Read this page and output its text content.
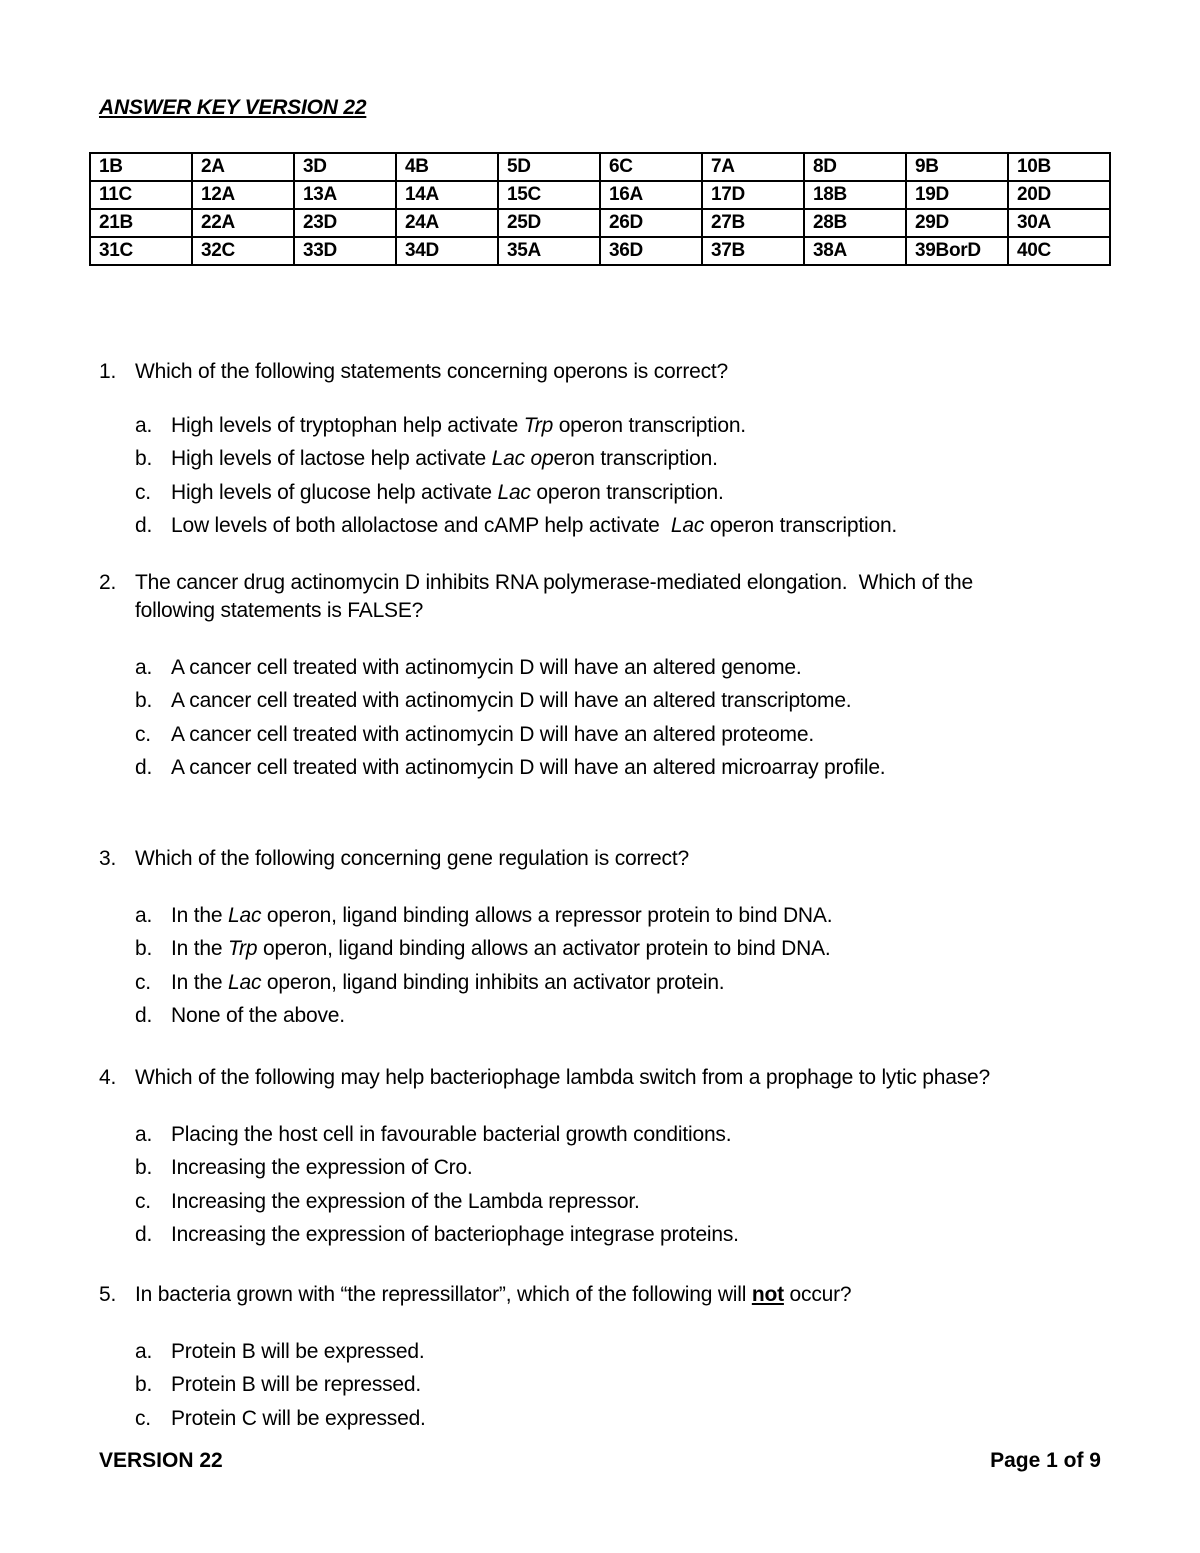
ANSWER KEY VERSION 22
1B	2A	3D	4B	5D	6C	7A	8D	9B	10B
11C	12A	13A	14A	15C	16A	17D	18B	19D	20D
21B	22A	23D	24A	25D	26D	27B	28B	29D	30A
31C	32C	33D	34D	35A	36D	37B	38A	39BorD	40C
1. Which of the following statements concerning operons is correct?
a. High levels of tryptophan help activate Trp operon transcription.
b. High levels of lactose help activate Lac operon transcription.
c. High levels of glucose help activate Lac operon transcription.
d. Low levels of both allolactose and cAMP help activate  Lac operon transcription.
2. The cancer drug actinomycin D inhibits RNA polymerase-mediated elongation.  Which of the following statements is FALSE?
a. A cancer cell treated with actinomycin D will have an altered genome.
b. A cancer cell treated with actinomycin D will have an altered transcriptome.
c. A cancer cell treated with actinomycin D will have an altered proteome.
d. A cancer cell treated with actinomycin D will have an altered microarray profile.
3. Which of the following concerning gene regulation is correct?
a. In the Lac operon, ligand binding allows a repressor protein to bind DNA.
b. In the Trp operon, ligand binding allows an activator protein to bind DNA.
c. In the Lac operon, ligand binding inhibits an activator protein.
d. None of the above.
4. Which of the following may help bacteriophage lambda switch from a prophage to lytic phase?
a. Placing the host cell in favourable bacterial growth conditions.
b. Increasing the expression of Cro.
c. Increasing the expression of the Lambda repressor.
d. Increasing the expression of bacteriophage integrase proteins.
5. In bacteria grown with “the repressillator”, which of the following will not occur?
a. Protein B will be expressed.
b. Protein B will be repressed.
c. Protein C will be expressed.
VERSION 22	Page 1 of 9
